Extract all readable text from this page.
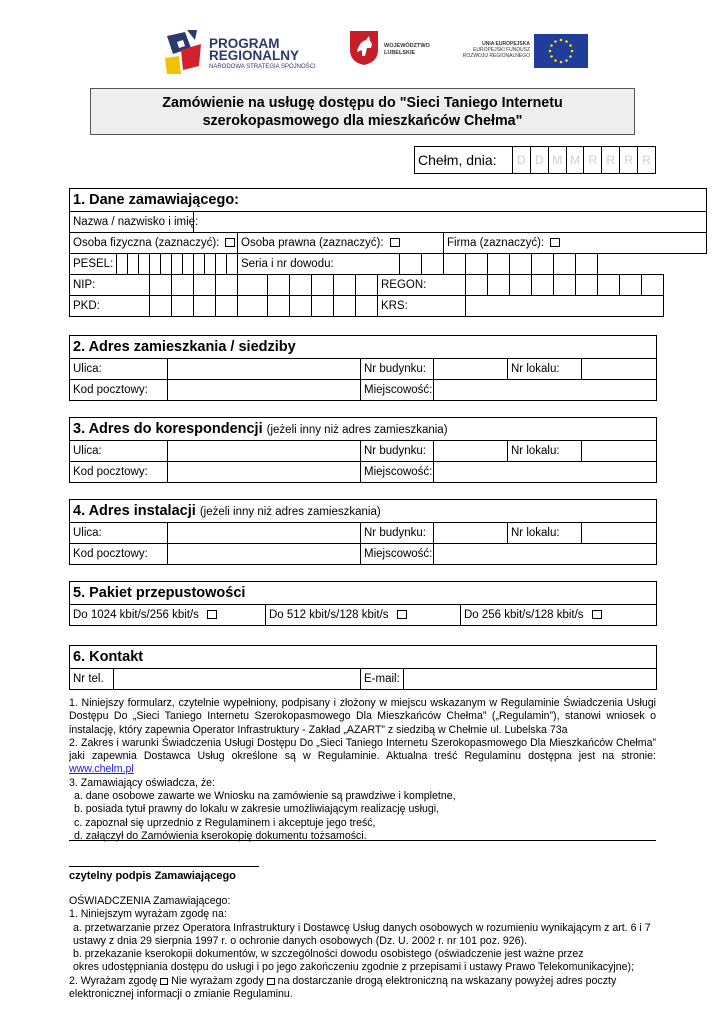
PROGRAM
REGIONALNY
NARODOWA STRATEGIA SPÓJNOŚCI
WOJEWÓDZTWO
LUBELSKIE
UNIA EUROPEJSKA
EUROPEJSKI FUNDUSZ
ROZWOJU REGIONALNEGO
Zamówienie na usługę dostępu do "Sieci Taniego Internetu
szerokopasmowego dla mieszkańców Chełma"
Chełm, dnia:	D	D	M	M	R	R	R	R
1. Dane zamawiającego:																														
Nazwa / nazwisko i imię:																														
Osoba fizyczna (zaznaczyć):												Osoba prawna (zaznaczyć):									Firma (zaznaczyć):									
PESEL:												Seria i nr dowodu:																		
NIP:																		REGON:												
PKD:																		KRS:												
2. Adres zamieszkania / siedziby					
Ulica:		Nr budynku:		Nr lokalu:	
Kod pocztowy:		Miejscowość:			
3. Adres do korespondencji (jeżeli inny niż adres zamieszkania)					
Ulica:		Nr budynku:		Nr lokalu:	
Kod pocztowy:		Miejscowość:			
4. Adres instalacji (jeżeli inny niż adres zamieszkania)					
Ulica:		Nr budynku:		Nr lokalu:	
Kod pocztowy:		Miejscowość:			
5. Pakiet przepustowości
Do 1024 kbit/s/256 kbit/s	Do 512 kbit/s/128 kbit/s	Do 256 kbit/s/128 kbit/s
6. Kontakt
Nr tel.		E-mail:	

1. Niniejszy formularz, czytelnie wypełniony, podpisany i złożony w miejscu wskazanym w Regulaminie Świadczenia Usługi Dostępu Do „Sieci Taniego Internetu Szerokopasmowego Dla Mieszkańców Chełma” („Regulamin”), stanowi wniosek o instalację, który zapewnia Operator Infrastruktury - Zakład „AZART” z siedzibą w Chełmie ul. Lubelska 73a

2. Zakres i warunki Świadczenia Usługi Dostępu Do „Sieci Taniego Internetu Szerokopasmowego Dla Mieszkańców Chełma” jaki zapewnia Dostawca Usług określone są w Regulaminie. Aktualna treść Regulaminu dostępna jest na stronie: www.chelm.pl

3. Zamawiający oświadcza, że:

a. dane osobowe zawarte we Wniosku na zamówienie są prawdziwe i kompletne,

b. posiada tytuł prawny do lokalu w zakresie umożliwiającym realizację usługi,

c. zapoznał się uprzednio z Regulaminem i akceptuje jego treść,

d. załączył do Zamówienia kserokopię dokumentu tożsamości.

czytelny podpis Zamawiającego

OŚWIADCZENIA Zamawiającego:

1. Niniejszym wyrażam zgodę na:

a. przetwarzanie przez Operatora Infrastruktury i Dostawcę Usług danych osobowych w rozumieniu wynikającym z art. 6 i 7 ustawy z dnia 29 sierpnia 1997 r. o ochronie danych osobowych (Dz. U. 2002 r. nr 101 poz. 926).

b. przekazanie kserokopii dokumentów, w szczególności dowodu osobistego (oświadczenie jest ważne przez

okres udostępniania dostępu do usługi i po jego zakończeniu zgodnie z przepisami i ustawy Prawo Telekomunikacyjne);

2. Wyrażam zgodę Nie wyrażam zgody na dostarczanie drogą elektroniczną na wskazany powyżej adres poczty elektronicznej informacji o zmianie Regulaminu.
